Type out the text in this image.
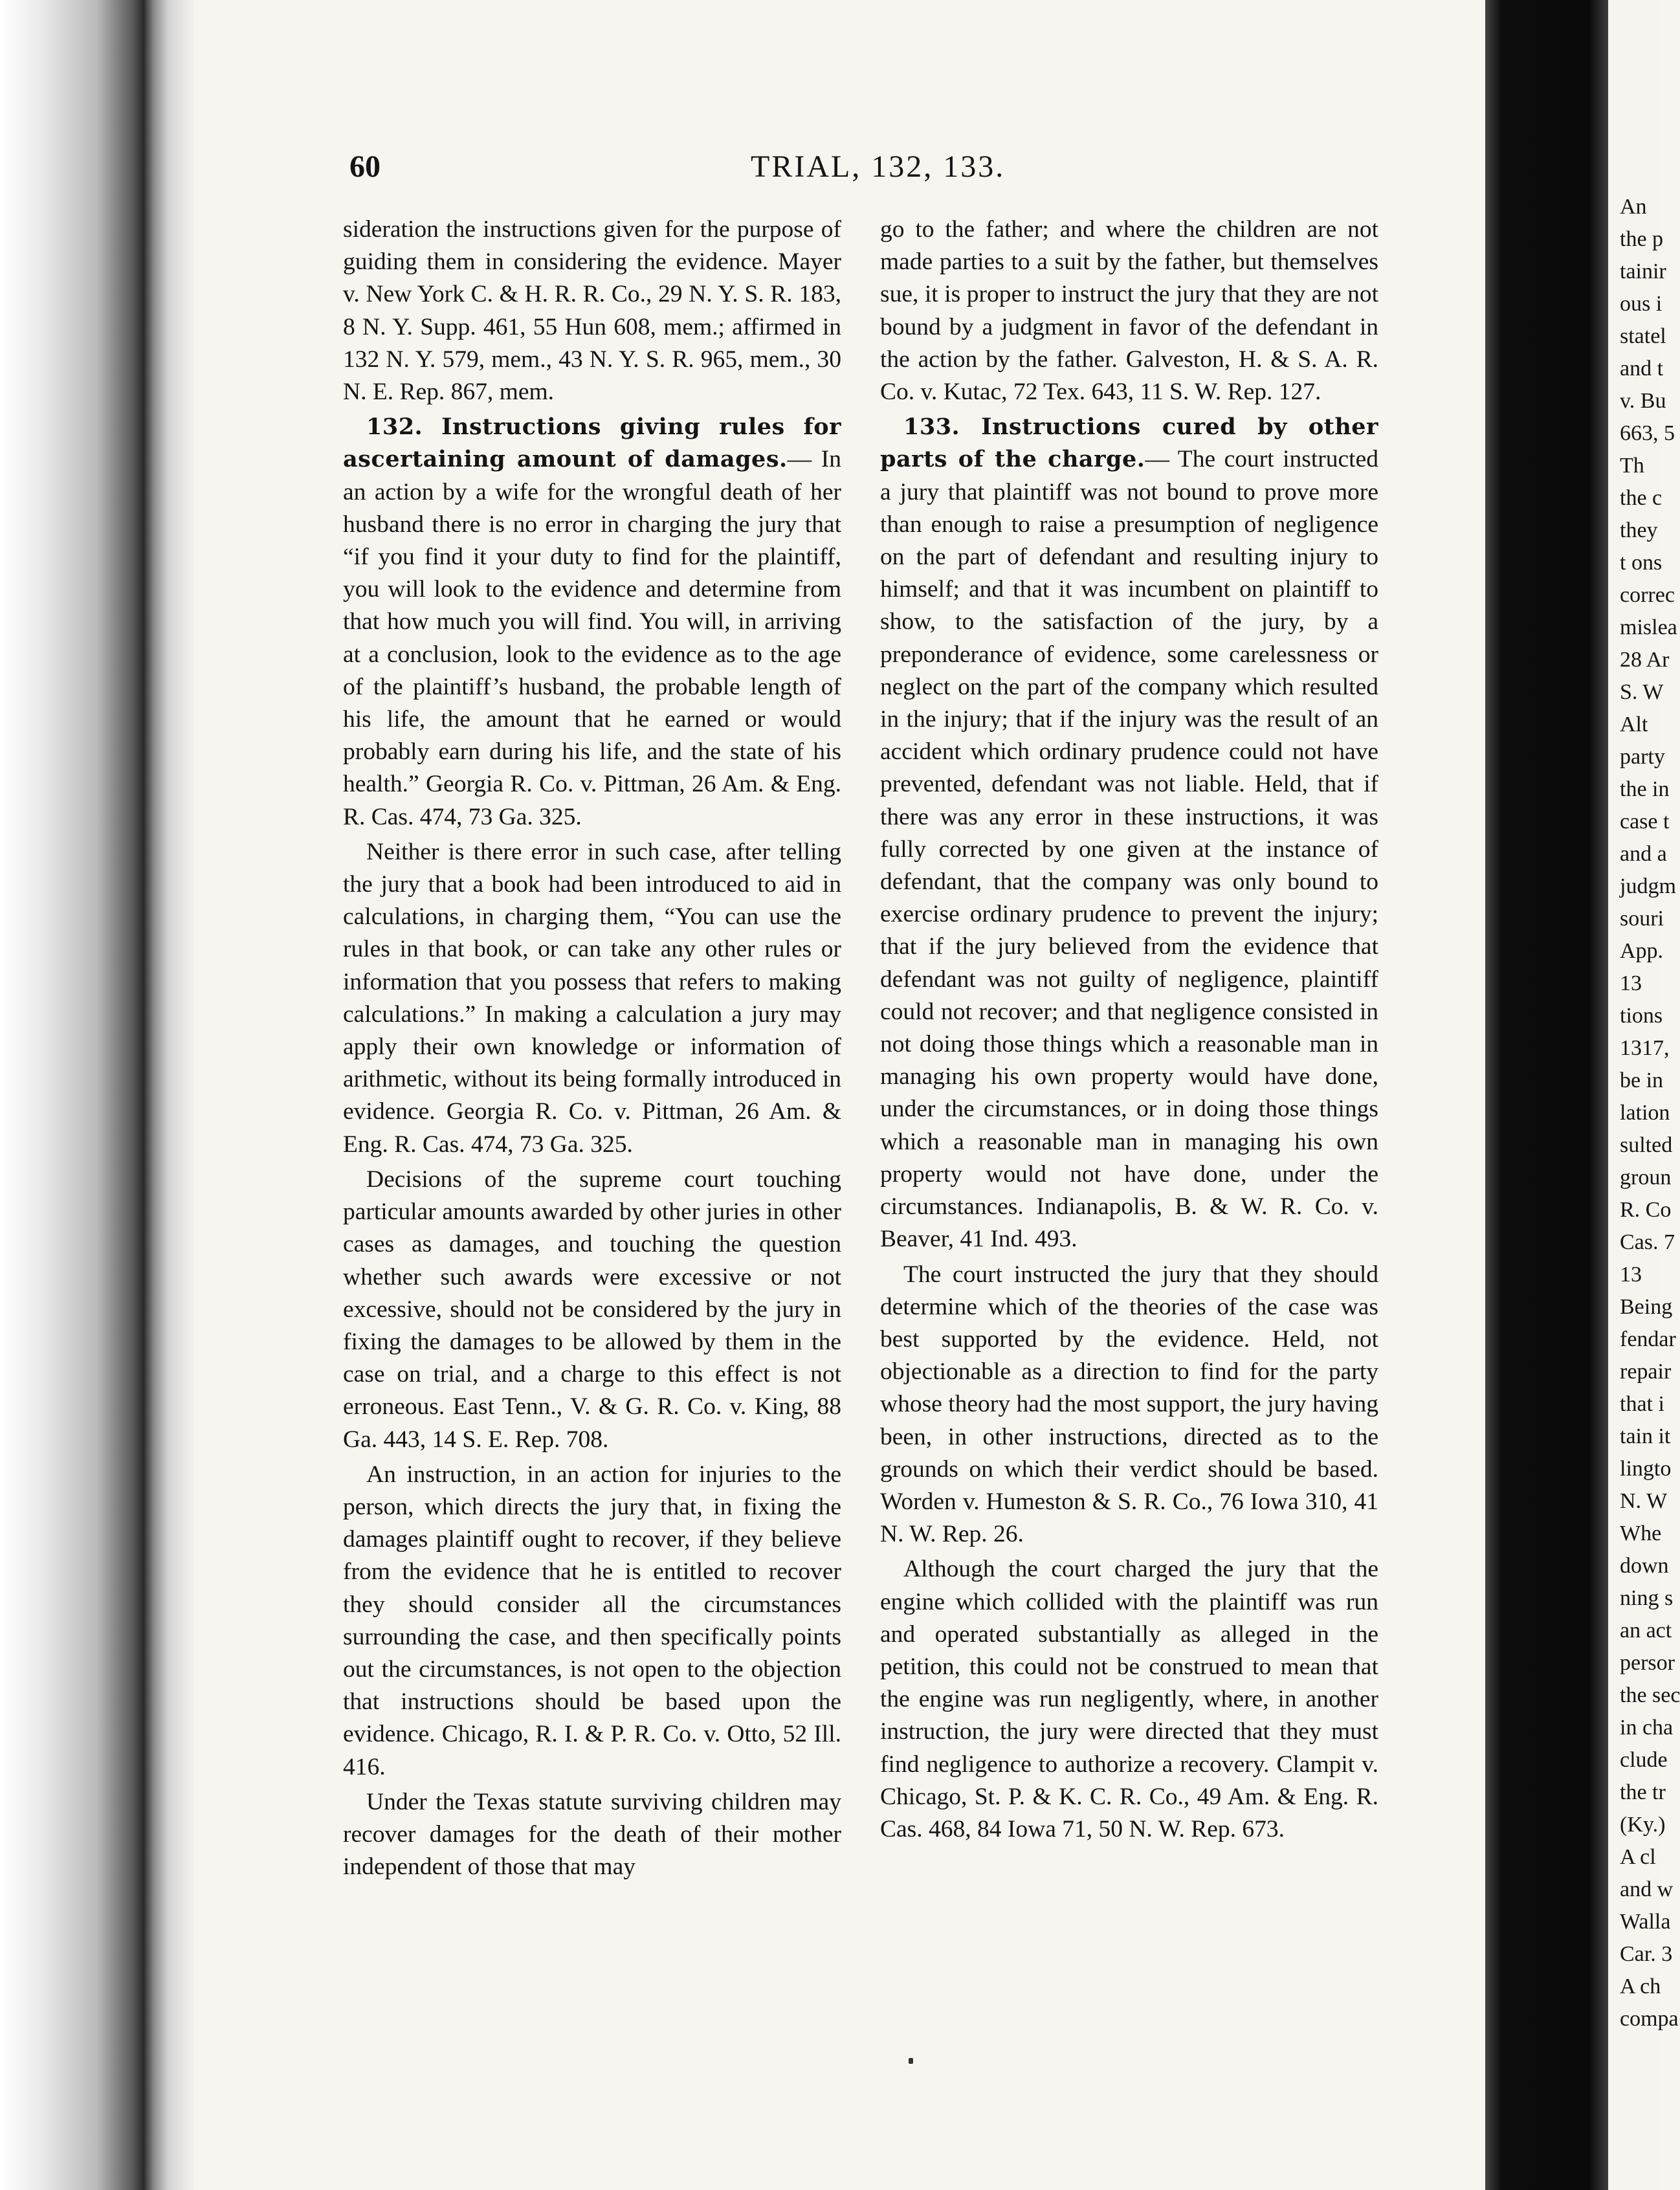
60	TRIAL, 132, 133.

sideration the instructions given for the purpose of guiding them in considering the evidence. Mayer v. New York C. & H. R. R. Co., 29 N. Y. S. R. 183, 8 N. Y. Supp. 461, 55 Hun 608, mem.; affirmed in 132 N. Y. 579, mem., 43 N. Y. S. R. 965, mem., 30 N. E. Rep. 867, mem.

132. Instructions giving rules for ascertaining amount of damages.— In an action by a wife for the wrongful death of her husband there is no error in charging the jury that “if you find it your duty to find for the plaintiff, you will look to the evidence and determine from that how much you will find. You will, in arriving at a conclusion, look to the evidence as to the age of the plaintiff’s husband, the probable length of his life, the amount that he earned or would probably earn during his life, and the state of his health.” Georgia R. Co. v. Pittman, 26 Am. & Eng. R. Cas. 474, 73 Ga. 325.

Neither is there error in such case, after telling the jury that a book had been introduced to aid in calculations, in charging them, “You can use the rules in that book, or can take any other rules or information that you possess that refers to making calculations.” In making a calculation a jury may apply their own knowledge or information of arithmetic, without its being formally introduced in evidence. Georgia R. Co. v. Pittman, 26 Am. & Eng. R. Cas. 474, 73 Ga. 325.

Decisions of the supreme court touching particular amounts awarded by other juries in other cases as damages, and touching the question whether such awards were excessive or not excessive, should not be considered by the jury in fixing the damages to be allowed by them in the case on trial, and a charge to this effect is not erroneous. East Tenn., V. & G. R. Co. v. King, 88 Ga. 443, 14 S. E. Rep. 708.

An instruction, in an action for injuries to the person, which directs the jury that, in fixing the damages plaintiff ought to recover, if they believe from the evidence that he is entitled to recover they should consider all the circumstances surrounding the case, and then specifically points out the circumstances, is not open to the objection that instructions should be based upon the evidence. Chicago, R. I. & P. R. Co. v. Otto, 52 Ill. 416.

Under the Texas statute surviving children may recover damages for the death of their mother independent of those that may

go to the father; and where the children are not made parties to a suit by the father, but themselves sue, it is proper to instruct the jury that they are not bound by a judgment in favor of the defendant in the action by the father. Galveston, H. & S. A. R. Co. v. Kutac, 72 Tex. 643, 11 S. W. Rep. 127.

133. Instructions cured by other parts of the charge.— The court instructed a jury that plaintiff was not bound to prove more than enough to raise a presumption of negligence on the part of defendant and resulting injury to himself; and that it was incumbent on plaintiff to show, to the satisfaction of the jury, by a preponderance of evidence, some carelessness or neglect on the part of the company which resulted in the injury; that if the injury was the result of an accident which ordinary prudence could not have prevented, defendant was not liable. Held, that if there was any error in these instructions, it was fully corrected by one given at the instance of defendant, that the company was only bound to exercise ordinary prudence to prevent the injury; that if the jury believed from the evidence that defendant was not guilty of negligence, plaintiff could not recover; and that negligence consisted in not doing those things which a reasonable man in managing his own property would have done, under the circumstances, or in doing those things which a reasonable man in managing his own property would not have done, under the circumstances. Indianapolis, B. & W. R. Co. v. Beaver, 41 Ind. 493.

The court instructed the jury that they should determine which of the theories of the case was best supported by the evidence. Held, not objectionable as a direction to find for the party whose theory had the most support, the jury having been, in other instructions, directed as to the grounds on which their verdict should be based. Worden v. Humeston & S. R. Co., 76 Iowa 310, 41 N. W. Rep. 26.

Although the court charged the jury that the engine which collided with the plaintiff was run and operated substantially as alleged in the petition, this could not be construed to mean that the engine was run negligently, where, in another instruction, the jury were directed that they must find negligence to authorize a recovery. Clampit v. Chicago, St. P. & K. C. R. Co., 49 Am. & Eng. R. Cas. 468, 84 Iowa 71, 50 N. W. Rep. 673.

An
the p
tainir
ous i
statel
and t
v. Bu
663, 5
Th
the c
they
t ons
correc
mislea
28 Ar
S. W
Alt
party
the in
case t
and a
judgm
souri
App.
13
tions
1317,
be in
lation
sulted
groun
R. Co
Cas. 7
13
Being
fendar
repair
that i
tain it
lingto
N. W
Whe
down
ning s
an act
persor
the sec
in cha
clude
the tr
(Ky.)
A cl
and w
Walla
Car. 3
A ch
compa
